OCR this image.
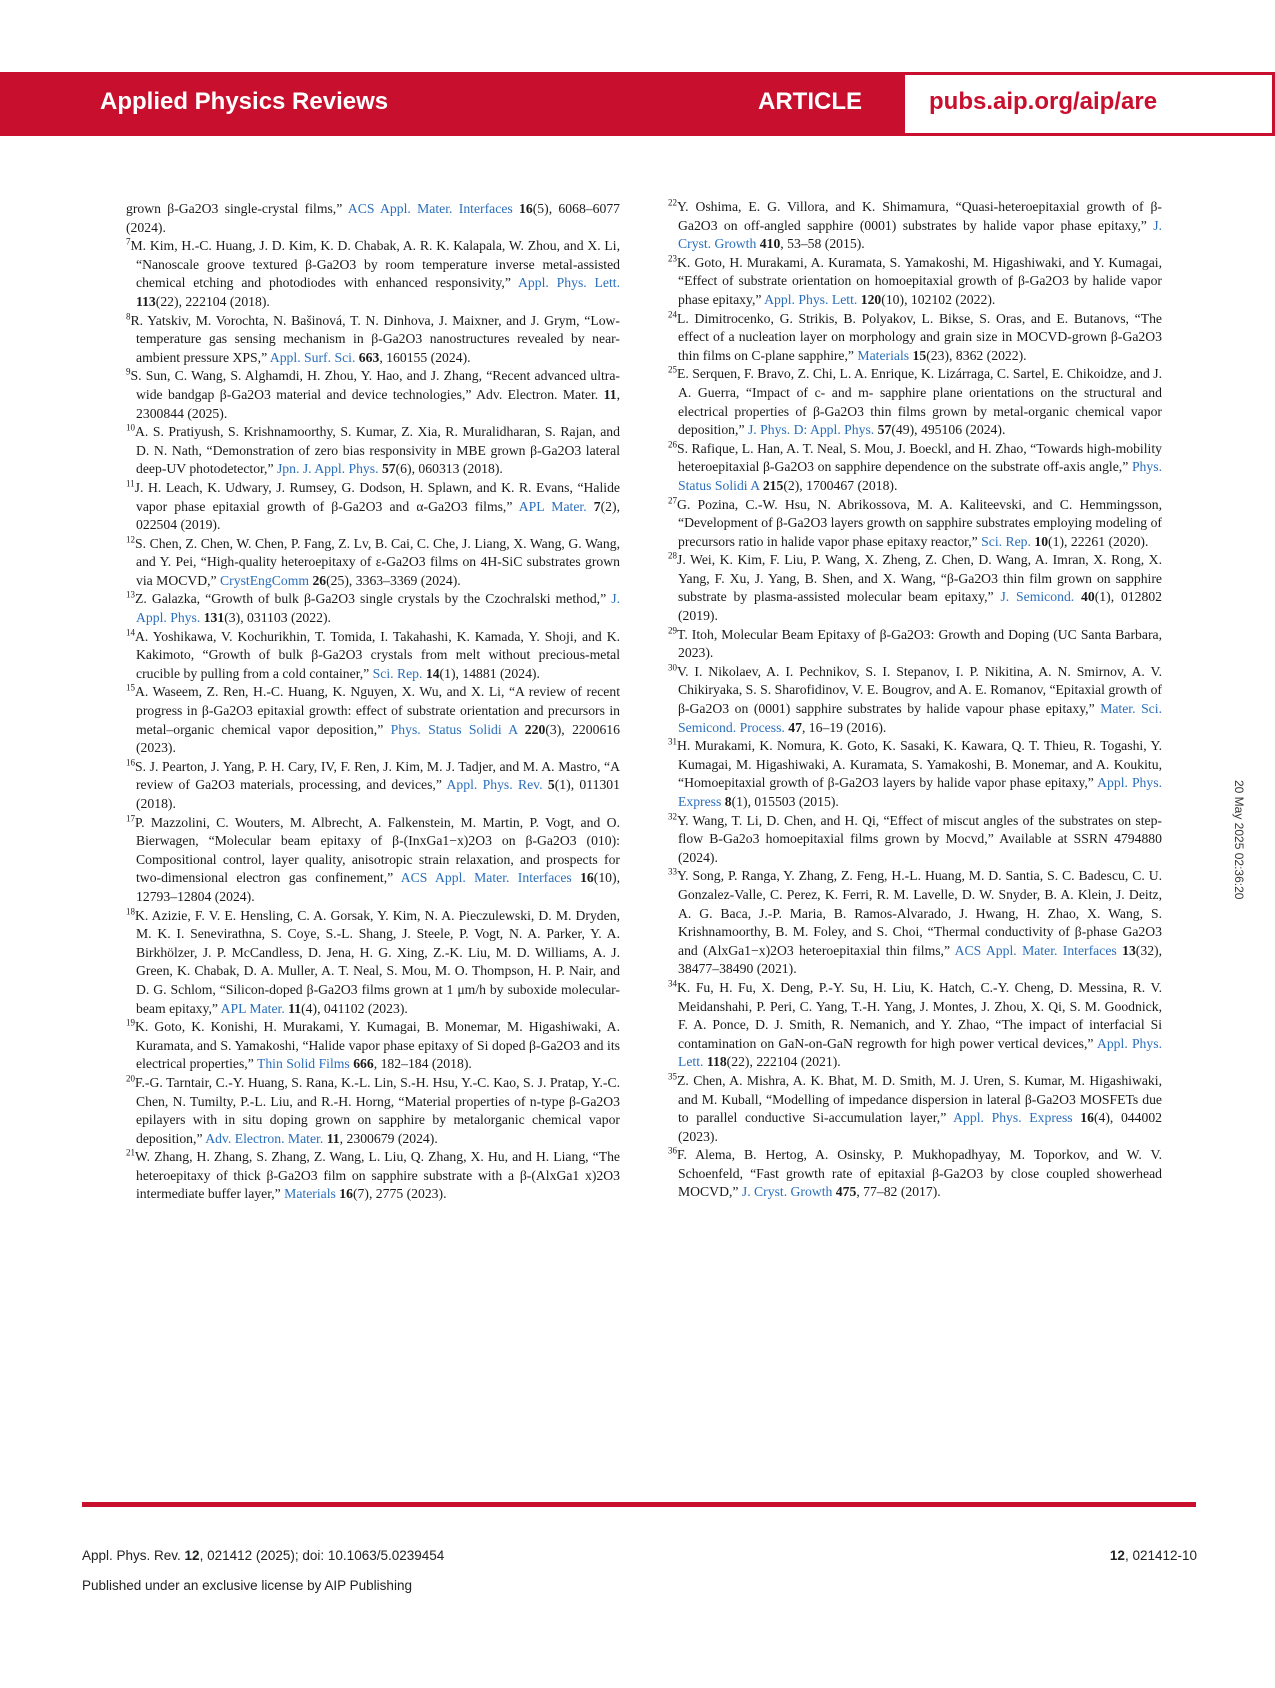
Applied Physics Reviews	ARTICLE	pubs.aip.org/aip/are

grown β-Ga2O3 single-crystal films,” ACS Appl. Mater. Interfaces 16(5), 6068–6077 (2024).

$^7$M. Kim, H.-C. Huang, J. D. Kim, K. D. Chabak, A. R. K. Kalapala, W. Zhou, and X. Li, “Nanoscale groove textured β-Ga2O3 by room temperature inverse metal-assisted chemical etching and photodiodes with enhanced responsivity,” Appl. Phys. Lett. 113(22), 222104 (2018).

$^8$R. Yatskiv, M. Vorochta, N. Bašinová, T. N. Dinhova, J. Maixner, and J. Grym, “Low-temperature gas sensing mechanism in β-Ga2O3 nanostructures revealed by near-ambient pressure XPS,” Appl. Surf. Sci. 663, 160155 (2024).

$^9$S. Sun, C. Wang, S. Alghamdi, H. Zhou, Y. Hao, and J. Zhang, “Recent advanced ultra-wide bandgap β-Ga2O3 material and device technologies,” Adv. Electron. Mater. 11, 2300844 (2025).

$^{10}$A. S. Pratiyush, S. Krishnamoorthy, S. Kumar, Z. Xia, R. Muralidharan, S. Rajan, and D. N. Nath, “Demonstration of zero bias responsivity in MBE grown β-Ga2O3 lateral deep-UV photodetector,” Jpn. J. Appl. Phys. 57(6), 060313 (2018).

$^{11}$J. H. Leach, K. Udwary, J. Rumsey, G. Dodson, H. Splawn, and K. R. Evans, “Halide vapor phase epitaxial growth of β-Ga2O3 and α-Ga2O3 films,” APL Mater. 7(2), 022504 (2019).

$^{12}$S. Chen, Z. Chen, W. Chen, P. Fang, Z. Lv, B. Cai, C. Che, J. Liang, X. Wang, G. Wang, and Y. Pei, “High-quality heteroepitaxy of ε-Ga2O3 films on 4H-SiC substrates grown via MOCVD,” CrystEngComm 26(25), 3363–3369 (2024).

$^{13}$Z. Galazka, “Growth of bulk β-Ga2O3 single crystals by the Czochralski method,” J. Appl. Phys. 131(3), 031103 (2022).

$^{14}$A. Yoshikawa, V. Kochurikhin, T. Tomida, I. Takahashi, K. Kamada, Y. Shoji, and K. Kakimoto, “Growth of bulk β-Ga2O3 crystals from melt without precious-metal crucible by pulling from a cold container,” Sci. Rep. 14(1), 14881 (2024).

$^{15}$A. Waseem, Z. Ren, H.-C. Huang, K. Nguyen, X. Wu, and X. Li, “A review of recent progress in β-Ga2O3 epitaxial growth: effect of substrate orientation and precursors in metal–organic chemical vapor deposition,” Phys. Status Solidi A 220(3), 2200616 (2023).

$^{16}$S. J. Pearton, J. Yang, P. H. Cary, IV, F. Ren, J. Kim, M. J. Tadjer, and M. A. Mastro, “A review of Ga2O3 materials, processing, and devices,” Appl. Phys. Rev. 5(1), 011301 (2018).

$^{17}$P. Mazzolini, C. Wouters, M. Albrecht, A. Falkenstein, M. Martin, P. Vogt, and O. Bierwagen, “Molecular beam epitaxy of β-(InxGa1−x)2O3 on β-Ga2O3 (010): Compositional control, layer quality, anisotropic strain relaxation, and prospects for two-dimensional electron gas confinement,” ACS Appl. Mater. Interfaces 16(10), 12793–12804 (2024).

$^{18}$K. Azizie, F. V. E. Hensling, C. A. Gorsak, Y. Kim, N. A. Pieczulewski, D. M. Dryden, M. K. I. Senevirathna, S. Coye, S.-L. Shang, J. Steele, P. Vogt, N. A. Parker, Y. A. Birkhölzer, J. P. McCandless, D. Jena, H. G. Xing, Z.-K. Liu, M. D. Williams, A. J. Green, K. Chabak, D. A. Muller, A. T. Neal, S. Mou, M. O. Thompson, H. P. Nair, and D. G. Schlom, “Silicon-doped β-Ga2O3 films grown at 1 μm/h by suboxide molecular-beam epitaxy,” APL Mater. 11(4), 041102 (2023).

$^{19}$K. Goto, K. Konishi, H. Murakami, Y. Kumagai, B. Monemar, M. Higashiwaki, A. Kuramata, and S. Yamakoshi, “Halide vapor phase epitaxy of Si doped β-Ga2O3 and its electrical properties,” Thin Solid Films 666, 182–184 (2018).

$^{20}$F.-G. Tarntair, C.-Y. Huang, S. Rana, K.-L. Lin, S.-H. Hsu, Y.-C. Kao, S. J. Pratap, Y.-C. Chen, N. Tumilty, P.-L. Liu, and R.-H. Horng, “Material properties of n-type β-Ga2O3 epilayers with in situ doping grown on sapphire by metalorganic chemical vapor deposition,” Adv. Electron. Mater. 11, 2300679 (2024).

$^{21}$W. Zhang, H. Zhang, S. Zhang, Z. Wang, L. Liu, Q. Zhang, X. Hu, and H. Liang, “The heteroepitaxy of thick β-Ga2O3 film on sapphire substrate with a β-(AlxGa1 x)2O3 intermediate buffer layer,” Materials 16(7), 2775 (2023).

$^{22}$Y. Oshima, E. G. Villora, and K. Shimamura, “Quasi-heteroepitaxial growth of β-Ga2O3 on off-angled sapphire (0001) substrates by halide vapor phase epitaxy,” J. Cryst. Growth 410, 53–58 (2015).

$^{23}$K. Goto, H. Murakami, A. Kuramata, S. Yamakoshi, M. Higashiwaki, and Y. Kumagai, “Effect of substrate orientation on homoepitaxial growth of β-Ga2O3 by halide vapor phase epitaxy,” Appl. Phys. Lett. 120(10), 102102 (2022).

$^{24}$L. Dimitrocenko, G. Strikis, B. Polyakov, L. Bikse, S. Oras, and E. Butanovs, “The effect of a nucleation layer on morphology and grain size in MOCVD-grown β-Ga2O3 thin films on C-plane sapphire,” Materials 15(23), 8362 (2022).

$^{25}$E. Serquen, F. Bravo, Z. Chi, L. A. Enrique, K. Lizárraga, C. Sartel, E. Chikoidze, and J. A. Guerra, “Impact of c- and m- sapphire plane orientations on the structural and electrical properties of β-Ga2O3 thin films grown by metal-organic chemical vapor deposition,” J. Phys. D: Appl. Phys. 57(49), 495106 (2024).

$^{26}$S. Rafique, L. Han, A. T. Neal, S. Mou, J. Boeckl, and H. Zhao, “Towards high-mobility heteroepitaxial β-Ga2O3 on sapphire dependence on the substrate off-axis angle,” Phys. Status Solidi A 215(2), 1700467 (2018).

$^{27}$G. Pozina, C.-W. Hsu, N. Abrikossova, M. A. Kaliteevski, and C. Hemmingsson, “Development of β-Ga2O3 layers growth on sapphire substrates employing modeling of precursors ratio in halide vapor phase epitaxy reactor,” Sci. Rep. 10(1), 22261 (2020).

$^{28}$J. Wei, K. Kim, F. Liu, P. Wang, X. Zheng, Z. Chen, D. Wang, A. Imran, X. Rong, X. Yang, F. Xu, J. Yang, B. Shen, and X. Wang, “β-Ga2O3 thin film grown on sapphire substrate by plasma-assisted molecular beam epitaxy,” J. Semicond. 40(1), 012802 (2019).

$^{29}$T. Itoh, Molecular Beam Epitaxy of β-Ga2O3: Growth and Doping (UC Santa Barbara, 2023).

$^{30}$V. I. Nikolaev, A. I. Pechnikov, S. I. Stepanov, I. P. Nikitina, A. N. Smirnov, A. V. Chikiryaka, S. S. Sharofidinov, V. E. Bougrov, and A. E. Romanov, “Epitaxial growth of β-Ga2O3 on (0001) sapphire substrates by halide vapour phase epitaxy,” Mater. Sci. Semicond. Process. 47, 16–19 (2016).

$^{31}$H. Murakami, K. Nomura, K. Goto, K. Sasaki, K. Kawara, Q. T. Thieu, R. Togashi, Y. Kumagai, M. Higashiwaki, A. Kuramata, S. Yamakoshi, B. Monemar, and A. Koukitu, “Homoepitaxial growth of β-Ga2O3 layers by halide vapor phase epitaxy,” Appl. Phys. Express 8(1), 015503 (2015).

$^{32}$Y. Wang, T. Li, D. Chen, and H. Qi, “Effect of miscut angles of the substrates on step-flow B-Ga2o3 homoepitaxial films grown by Mocvd,” Available at SSRN 4794880 (2024).

$^{33}$Y. Song, P. Ranga, Y. Zhang, Z. Feng, H.-L. Huang, M. D. Santia, S. C. Badescu, C. U. Gonzalez-Valle, C. Perez, K. Ferri, R. M. Lavelle, D. W. Snyder, B. A. Klein, J. Deitz, A. G. Baca, J.-P. Maria, B. Ramos-Alvarado, J. Hwang, H. Zhao, X. Wang, S. Krishnamoorthy, B. M. Foley, and S. Choi, “Thermal conductivity of β-phase Ga2O3 and (AlxGa1−x)2O3 heteroepitaxial thin films,” ACS Appl. Mater. Interfaces 13(32), 38477–38490 (2021).

$^{34}$K. Fu, H. Fu, X. Deng, P.-Y. Su, H. Liu, K. Hatch, C.-Y. Cheng, D. Messina, R. V. Meidanshahi, P. Peri, C. Yang, T.-H. Yang, J. Montes, J. Zhou, X. Qi, S. M. Goodnick, F. A. Ponce, D. J. Smith, R. Nemanich, and Y. Zhao, “The impact of interfacial Si contamination on GaN-on-GaN regrowth for high power vertical devices,” Appl. Phys. Lett. 118(22), 222104 (2021).

$^{35}$Z. Chen, A. Mishra, A. K. Bhat, M. D. Smith, M. J. Uren, S. Kumar, M. Higashiwaki, and M. Kuball, “Modelling of impedance dispersion in lateral β-Ga2O3 MOSFETs due to parallel conductive Si-accumulation layer,” Appl. Phys. Express 16(4), 044002 (2023).

$^{36}$F. Alema, B. Hertog, A. Osinsky, P. Mukhopadhyay, M. Toporkov, and W. V. Schoenfeld, “Fast growth rate of epitaxial β-Ga2O3 by close coupled showerhead MOCVD,” J. Cryst. Growth 475, 77–82 (2017).

20 May 2025 02:36:20
Appl. Phys. Rev. 12, 021412 (2025); doi: 10.1063/5.0239454
Published under an exclusive license by AIP Publishing
12, 021412-10
